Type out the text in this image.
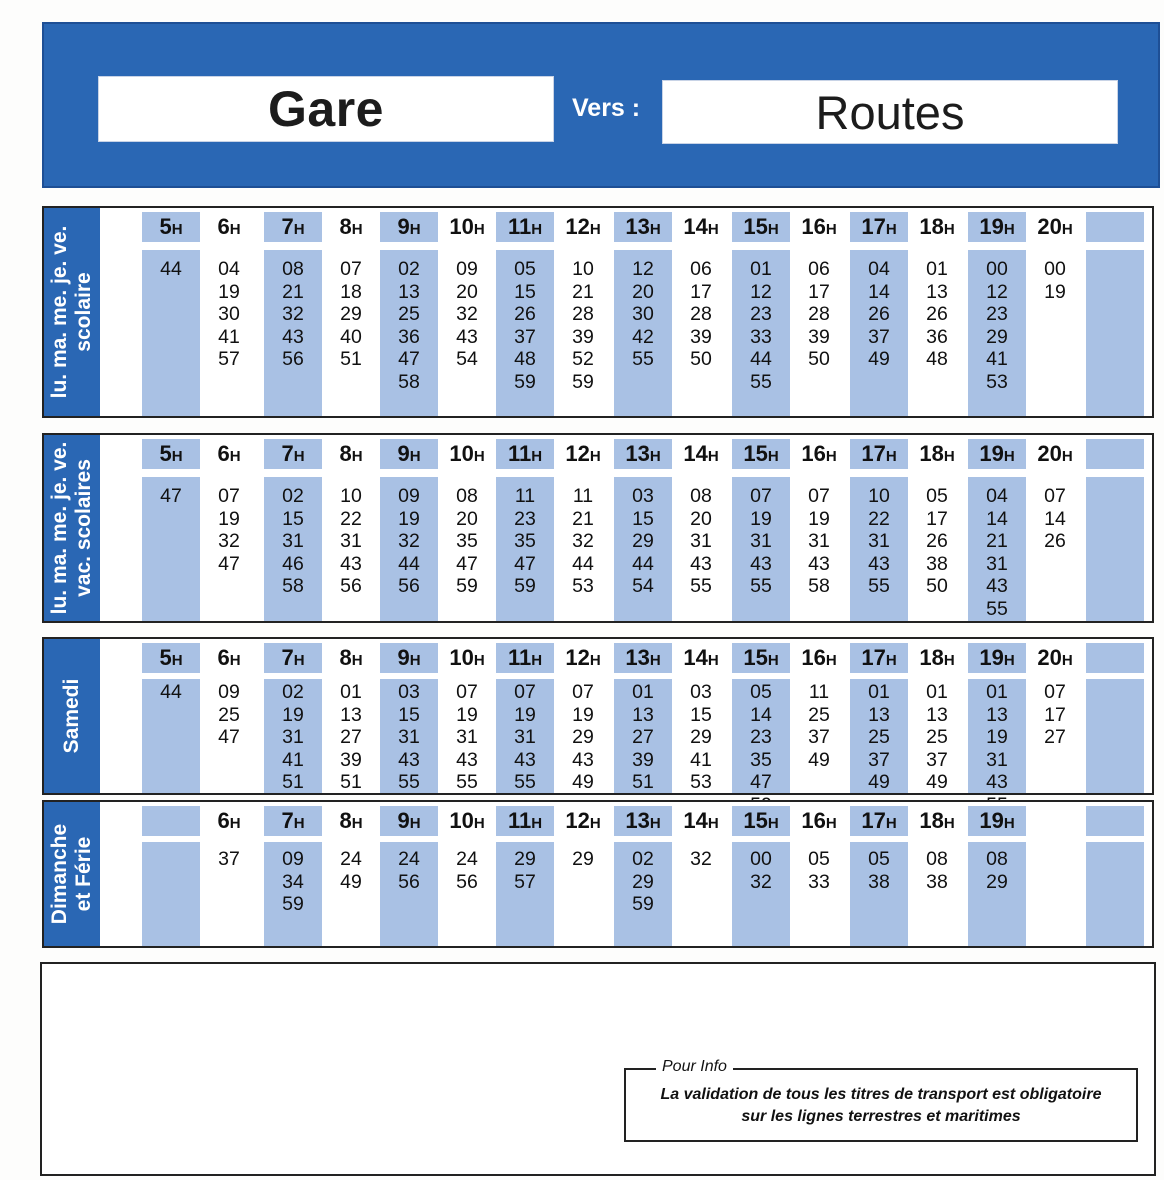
Gare	Vers :	Routes
lu. ma. me. je. ve. scolaire
5H
44
6H
04
19
30
41
57
7H
08
21
32
43
56
8H
07
18
29
40
51
9H
02
13
25
36
47
58
10H
09
20
32
43
54
11H
05
15
26
37
48
59
12H
10
21
28
39
52
59
13H
12
20
30
42
55
14H
06
17
28
39
50
15H
01
12
23
33
44
55
16H
06
17
28
39
50
17H
04
14
26
37
49
18H
01
13
26
36
48
19H
00
12
23
29
41
53
20H
00
19
lu. ma. me. je. ve. vac. scolaires
5H
47
6H
07
19
32
47
7H
02
15
31
46
58
8H
10
22
31
43
56
9H
09
19
32
44
56
10H
08
20
35
47
59
11H
11
23
35
47
59
12H
11
21
32
44
53
13H
03
15
29
44
54
14H
08
20
31
43
55
15H
07
19
31
43
55
16H
07
19
31
43
58
17H
10
22
31
43
55
18H
05
17
26
38
50
19H
04
14
21
31
43
55
20H
07
14
26
Samedi
5H
44
6H
09
25
47
7H
02
19
31
41
51
8H
01
13
27
39
51
9H
03
15
31
43
55
10H
07
19
31
43
55
11H
07
19
31
43
55
12H
07
19
29
43
49
13H
01
13
27
39
51
14H
03
15
29
41
53
15H
05
14
23
35
47
16H
11
25
37
49
17H
01
13
25
37
49
18H
01
13
25
37
49
19H
01
13
19
31
43
20H
07
17
27
Dimanche et Férie
6H
37
7H
09
34
59
8H
24
49
9H
24
56
10H
24
56
11H
29
57
12H
29
13H
02
29
59
14H
32
15H
00
32
16H
05
33
17H
05
38
18H
08
38
19H
08
29
Pour Info
La validation de tous les titres de transport est obligatoire
sur les lignes terrestres et maritimes
